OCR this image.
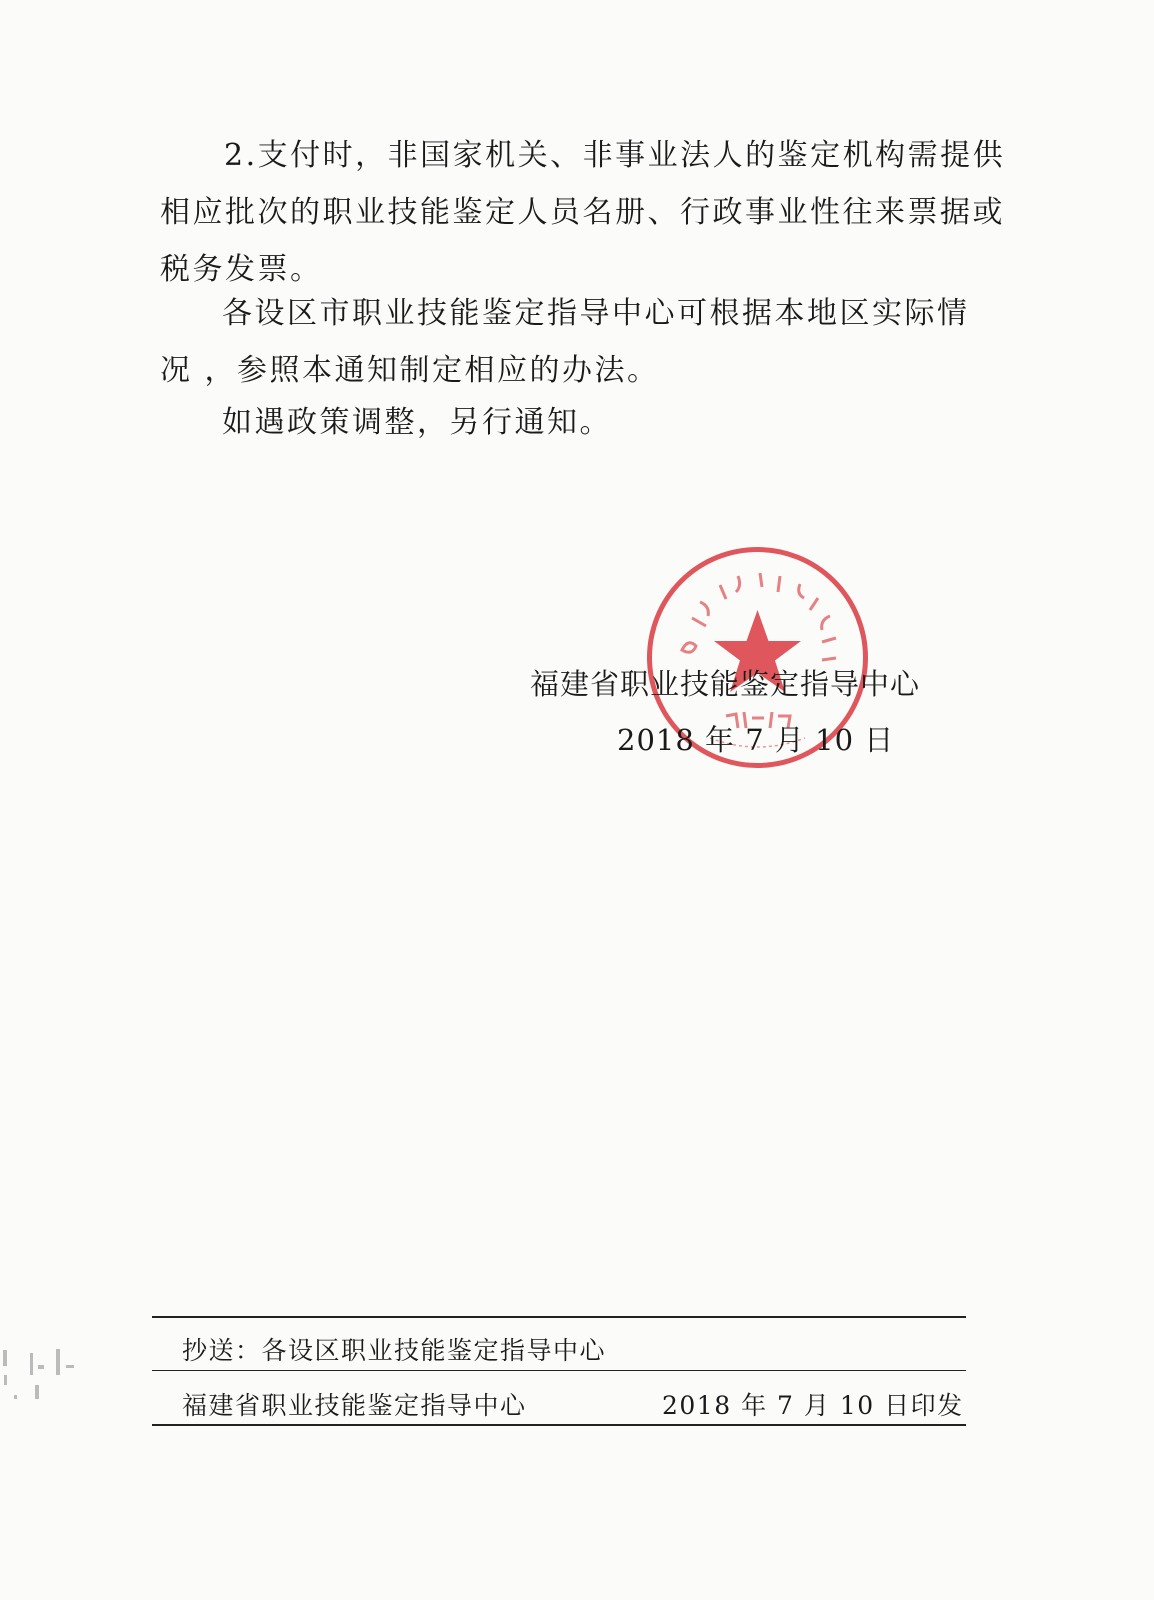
2.支付时，非国家机关、非事业法人的鉴定机构需提供
相应批次的职业技能鉴定人员名册、行政事业性往来票据或
税务发票。
各设区市职业技能鉴定指导中心可根据本地区实际情
况 ，参照本通知制定相应的办法。
如遇政策调整，另行通知。
福建省职业技能鉴定指导中心
2018 年 7 月 10 日
抄送：各设区职业技能鉴定指导中心
福建省职业技能鉴定指导中心	2018 年 7 月 10 日印发
